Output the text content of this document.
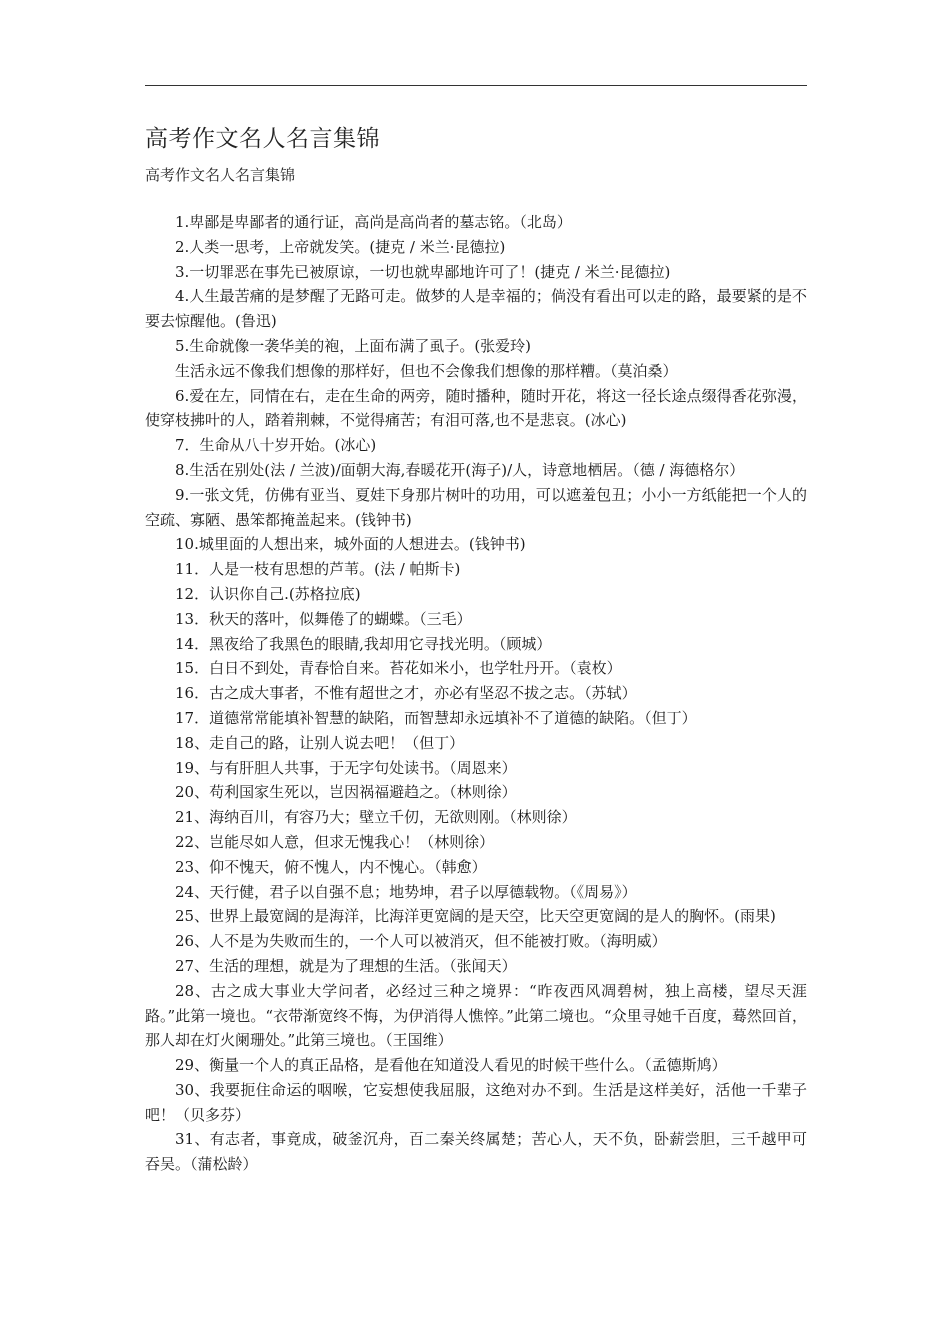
高考作文名人名言集锦

高考作文名人名言集锦

1.卑鄙是卑鄙者的通行证，高尚是高尚者的墓志铭。（北岛）
2.人类一思考，上帝就发笑。(捷克 / 米兰·昆德拉)
3.一切罪恶在事先已被原谅，一切也就卑鄙地许可了！(捷克 / 米兰·昆德拉)
4.人生最苦痛的是梦醒了无路可走。做梦的人是幸福的；倘没有看出可以走的路，最要紧的是不要去惊醒他。(鲁迅)
5.生命就像一袭华美的袍，上面布满了虱子。(张爱玲)
生活永远不像我们想像的那样好，但也不会像我们想像的那样糟。（莫泊桑）
6.爱在左，同情在右，走在生命的两旁，随时播种，随时开花，将这一径长途点缀得香花弥漫，使穿枝拂叶的人，踏着荆棘，不觉得痛苦；有泪可落,也不是悲哀。(冰心)
7．生命从八十岁开始。(冰心)
8.生活在别处(法 / 兰波)/面朝大海,春暖花开(海子)/人，诗意地栖居。（德 / 海德格尔）
9.一张文凭，仿佛有亚当、夏娃下身那片树叶的功用，可以遮羞包丑；小小一方纸能把一个人的空疏、寡陋、愚笨都掩盖起来。(钱钟书)
10.城里面的人想出来，城外面的人想进去。(钱钟书)
11．人是一枝有思想的芦苇。(法 / 帕斯卡)
12．认识你自己.(苏格拉底)
13．秋天的落叶，似舞倦了的蝴蝶。（三毛）
14．黑夜给了我黑色的眼睛,我却用它寻找光明。（顾城）
15．白日不到处，青春恰自来。苔花如米小，也学牡丹开。（袁枚）
16．古之成大事者，不惟有超世之才，亦必有坚忍不拔之志。（苏轼）
17．道德常常能填补智慧的缺陷，而智慧却永远填补不了道德的缺陷。（但丁）
18、走自己的路，让别人说去吧！（但丁）
19、与有肝胆人共事，于无字句处读书。（周恩来）
20、苟利国家生死以，岂因祸福避趋之。（林则徐）
21、海纳百川，有容乃大；壁立千仞，无欲则刚。（林则徐）
22、岂能尽如人意，但求无愧我心！（林则徐）
23、仰不愧天，俯不愧人，内不愧心。（韩愈）
24、天行健，君子以自强不息；地势坤，君子以厚德载物。（《周易》）
25、世界上最宽阔的是海洋，比海洋更宽阔的是天空，比天空更宽阔的是人的胸怀。(雨果)
26、人不是为失败而生的，一个人可以被消灭，但不能被打败。（海明威）
27、生活的理想，就是为了理想的生活。（张闻天）
28、古之成大事业大学问者，必经过三种之境界：“昨夜西风凋碧树，独上高楼，望尽天涯路。”此第一境也。“衣带渐宽终不悔，为伊消得人憔悴。”此第二境也。“众里寻她千百度，蓦然回首，那人却在灯火阑珊处。”此第三境也。（王国维）
29、衡量一个人的真正品格，是看他在知道没人看见的时候干些什么。（孟德斯鸠）
30、我要扼住命运的咽喉，它妄想使我屈服，这绝对办不到。生活是这样美好，活他一千辈子吧！（贝多芬）
31、有志者，事竟成，破釜沉舟，百二秦关终属楚；苦心人，天不负，卧薪尝胆，三千越甲可吞吴。（蒲松龄）
